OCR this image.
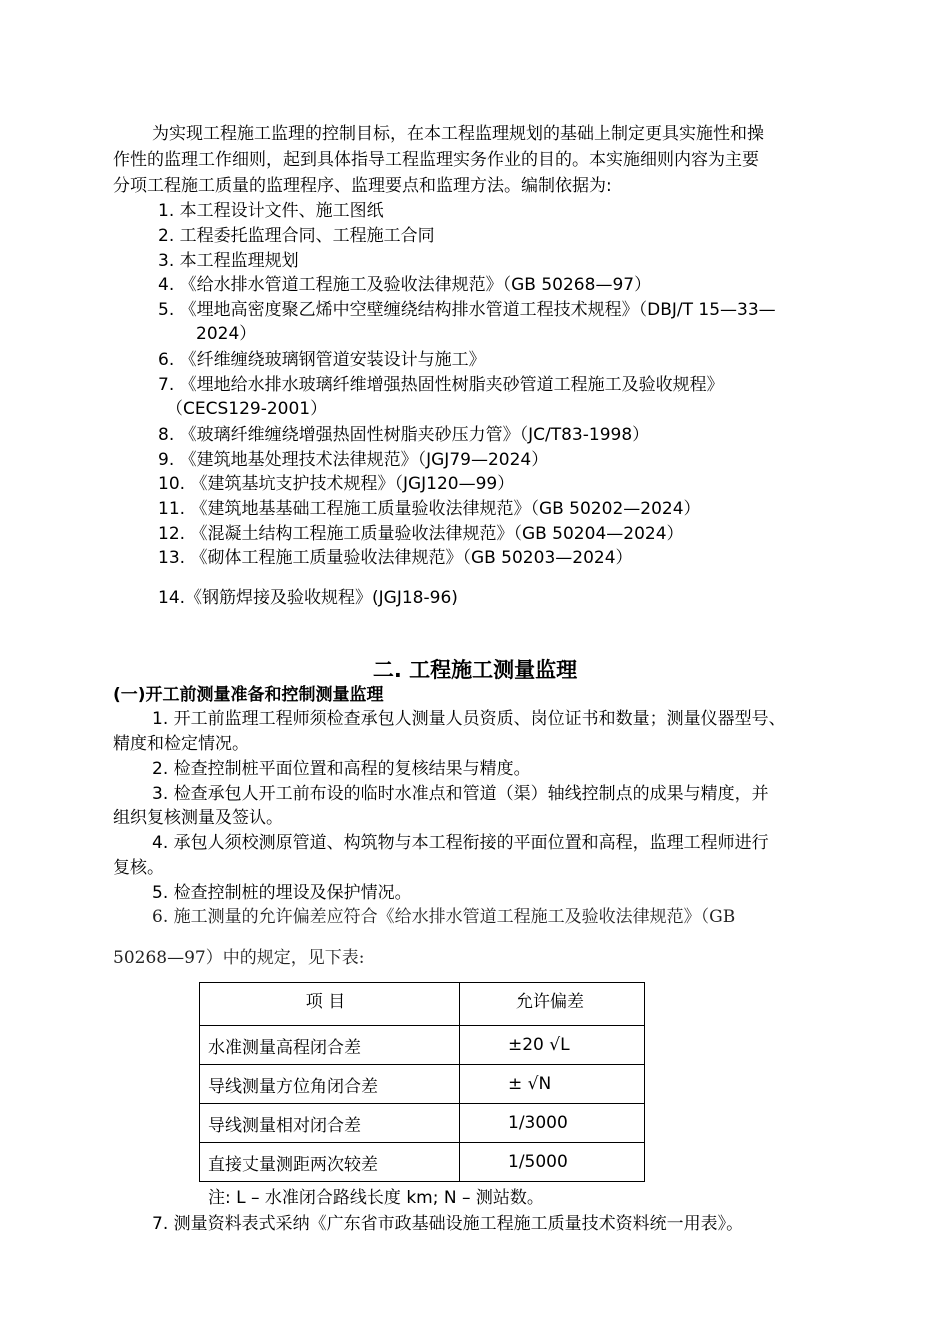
为实现工程施工监理的控制目标，在本工程监理规划的基础上制定更具实施性和操
作性的监理工作细则，起到具体指导工程监理实务作业的目的。本实施细则内容为主要
分项工程施工质量的监理程序、监理要点和监理方法。编制依据为:
1. 本工程设计文件、施工图纸
2. 工程委托监理合同、工程施工合同
3. 本工程监理规划
4. 《给水排水管道工程施工及验收法律规范》（GB 50268—97）
5. 《埋地高密度聚乙烯中空壁缠绕结构排水管道工程技术规程》（DBJ/T 15—33—
2024）
6. 《纤维缠绕玻璃钢管道安装设计与施工》
7. 《埋地给水排水玻璃纤维增强热固性树脂夹砂管道工程施工及验收规程》
（CECS129-2001）
8. 《玻璃纤维缠绕增强热固性树脂夹砂压力管》（JC/T83-1998）
9. 《建筑地基处理技术法律规范》（JGJ79—2024）
10. 《建筑基坑支护技术规程》（JGJ120—99）
11. 《建筑地基基础工程施工质量验收法律规范》（GB 50202—2024）
12. 《混凝土结构工程施工质量验收法律规范》（GB 50204—2024）
13. 《砌体工程施工质量验收法律规范》（GB 50203—2024）
14.《钢筋焊接及验收规程》(JGJ18-96)
二. 工程施工测量监理
(一)开工前测量准备和控制测量监理
1. 开工前监理工程师须检查承包人测量人员资质、岗位证书和数量；测量仪器型号、
精度和检定情况。
2. 检查控制桩平面位置和高程的复核结果与精度。
3. 检查承包人开工前布设的临时水准点和管道（渠）轴线控制点的成果与精度，并
组织复核测量及签认。
4. 承包人须校测原管道、构筑物与本工程衔接的平面位置和高程，监理工程师进行
复核。
5. 检查控制桩的埋设及保护情况。
6. 施工测量的允许偏差应符合《给水排水管道工程施工及验收法律规范》（GB
50268—97）中的规定，见下表:
项 目	允许偏差
水准测量高程闭合差	±20 √L
导线测量方位角闭合差	± √N
导线测量相对闭合差	1/3000
直接丈量测距两次较差	1/5000
注: L – 水准闭合路线长度 km; N – 测站数。
7. 测量资料表式采纳《广东省市政基础设施工程施工质量技术资料统一用表》。
